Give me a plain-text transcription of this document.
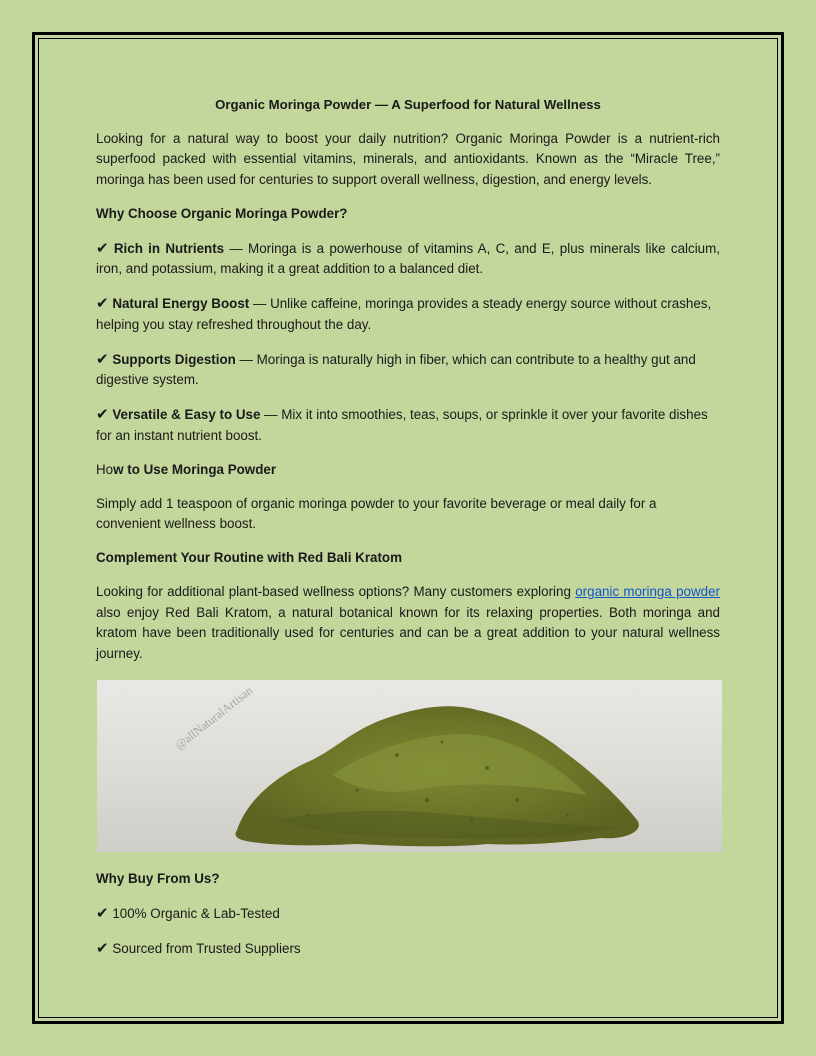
Organic Moringa Powder — A Superfood for Natural Wellness

Looking for a natural way to boost your daily nutrition? Organic Moringa Powder is a nutrient-rich superfood packed with essential vitamins, minerals, and antioxidants. Known as the “Miracle Tree,” moringa has been used for centuries to support overall wellness, digestion, and energy levels.

Why Choose Organic Moringa Powder?

✔ Rich in Nutrients — Moringa is a powerhouse of vitamins A, C, and E, plus minerals like calcium, iron, and potassium, making it a great addition to a balanced diet.

✔ Natural Energy Boost — Unlike caffeine, moringa provides a steady energy source without crashes, helping you stay refreshed throughout the day.

✔ Supports Digestion — Moringa is naturally high in fiber, which can contribute to a healthy gut and digestive system.

✔ Versatile & Easy to Use — Mix it into smoothies, teas, soups, or sprinkle it over your favorite dishes for an instant nutrient boost.

How to Use Moringa Powder

Simply add 1 teaspoon of organic moringa powder to your favorite beverage or meal daily for a convenient wellness boost.

Complement Your Routine with Red Bali Kratom

Looking for additional plant-based wellness options? Many customers exploring organic moringa powder also enjoy Red Bali Kratom, a natural botanical known for its relaxing properties. Both moringa and kratom have been traditionally used for centuries and can be a great addition to your natural wellness journey.

@allNaturalArtisan

Why Buy From Us?

✔ 100% Organic & Lab-Tested

✔ Sourced from Trusted Suppliers
